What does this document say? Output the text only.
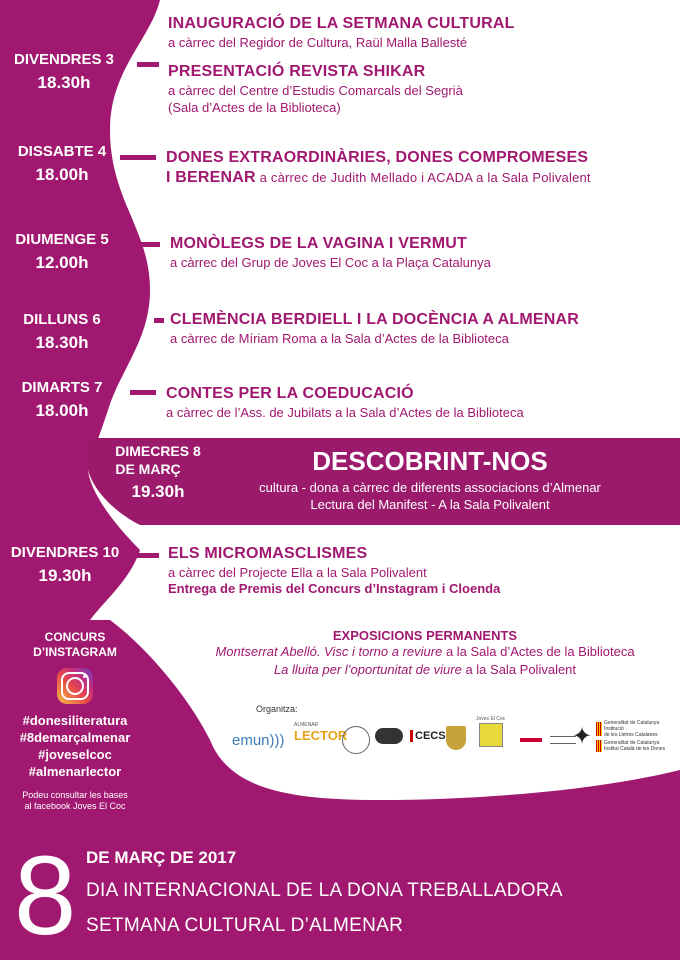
DIVENDRES 3
18.30h
DISSABTE 4
18.00h
DIUMENGE 5
12.00h
DILLUNS 6
18.30h
DIMARTS 7
18.00h
DIVENDRES 10
19.30h
INAUGURACIÓ DE LA SETMANA CULTURAL
a càrrec del Regidor de Cultura, Raül Malla Ballesté
PRESENTACIÓ REVISTA SHIKAR
a càrrec del Centre d’Estudis Comarcals del Segrià
(Sala d’Actes de la Biblioteca)
DONES EXTRAORDINÀRIES, DONES COMPROMESES
I BERENAR a càrrec de Judith Mellado i ACADA a la Sala Polivalent
MONÒLEGS DE LA VAGINA I VERMUT
a càrrec del Grup de Joves El Coc a la Plaça Catalunya
CLEMÈNCIA BERDIELL I LA DOCÈNCIA A ALMENAR
a càrrec de Míriam Roma a la Sala d’Actes de la Biblioteca
CONTES PER LA COEDUCACIÓ
a càrrec de l’Ass. de Jubilats a la Sala d’Actes de la Biblioteca
DIMECRES 8
DE MARÇ
19.30h
DESCOBRINT-NOS
cultura - dona a càrrec de diferents associacions d’Almenar
Lectura del Manifest - A la Sala Polivalent
ELS MICROMASCLISMES
a càrrec del Projecte Ella a la Sala Polivalent
Entrega de Premis del Concurs d’Instagram i Cloenda
CONCURS
D’INSTAGRAM
#donesiliteratura
#8demarçalmenar
#joveselcoc
#almenarlector
Podeu consultar les bases
al facebook Joves El Coc
EXPOSICIONS PERMANENTS
Montserrat Abelló. Visc i torno a reviure a la Sala d’Actes de la Biblioteca
La lluita per l’oportunitat de viure a la Sala Polivalent
Organitza:
emun)))
ALMENAR
LECTOR	CECS
Joves El Coc
✦	Generalitat de Catalunya
Institució
de les Lletres Catalanes
Generalitat de Catalunya
Institut Català de les Dones
8 DE MARÇ DE 2017
DIA INTERNACIONAL DE LA DONA TREBALLADORA
SETMANA CULTURAL D’ALMENAR
